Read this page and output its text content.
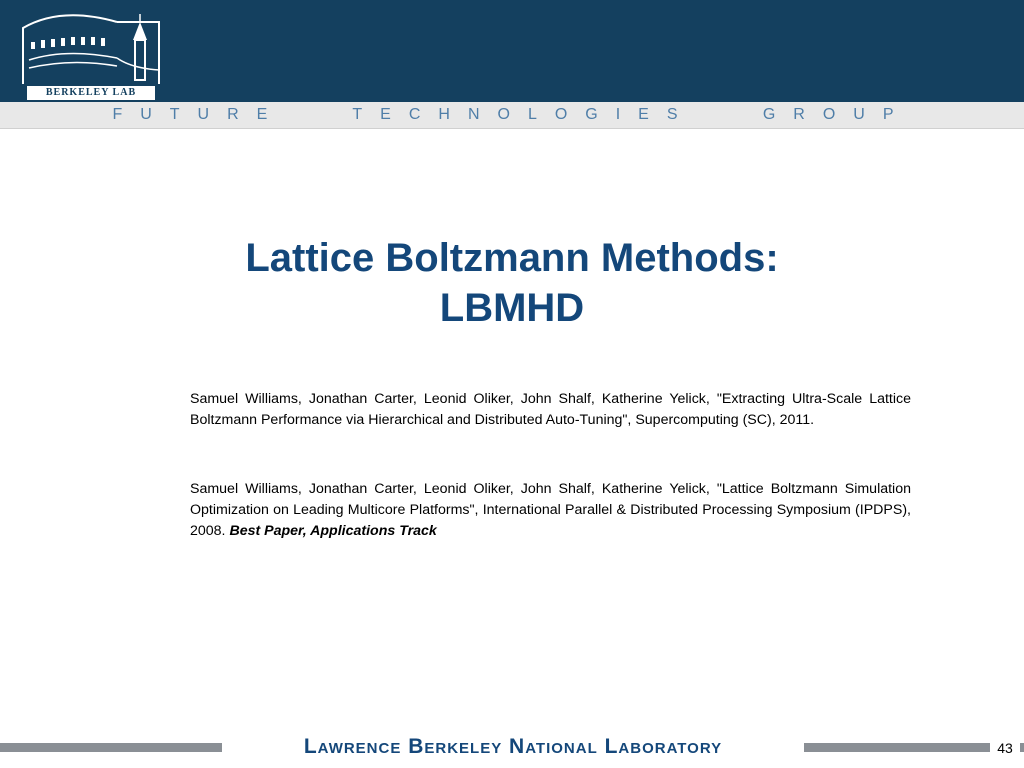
BERKELEY LAB
FUTURE   TECHNOLOGIES   GROUP
Lattice Boltzmann Methods:
LBMHD
Samuel Williams, Jonathan Carter, Leonid Oliker, John Shalf, Katherine Yelick, "Extracting Ultra-Scale Lattice Boltzmann Performance via Hierarchical and Distributed Auto-Tuning", Supercomputing (SC), 2011.
Samuel Williams, Jonathan Carter, Leonid Oliker, John Shalf, Katherine Yelick, "Lattice Boltzmann Simulation Optimization on Leading Multicore Platforms", International Parallel & Distributed Processing Symposium (IPDPS), 2008. Best Paper, Applications Track
Lawrence Berkeley National Laboratory	43
